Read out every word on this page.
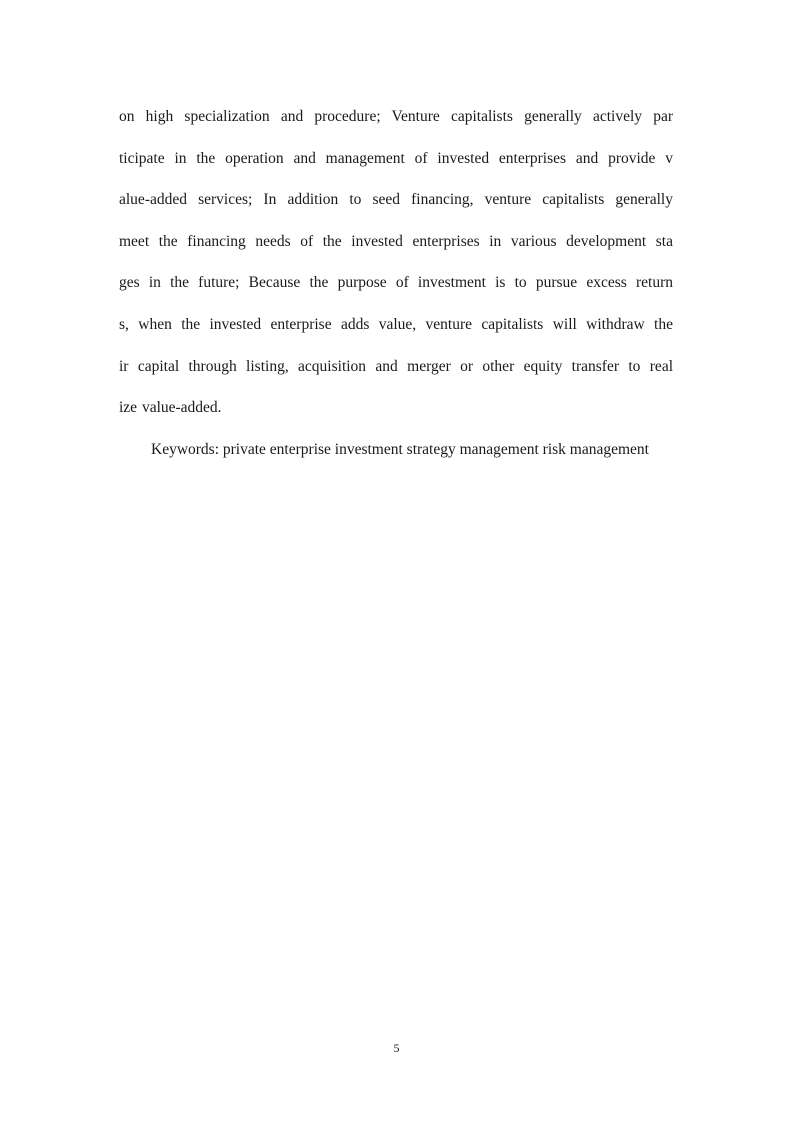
on high specialization and procedure; Venture capitalists generally actively par
ticipate in the operation and management of invested enterprises and provide v
alue-added services; In addition to seed financing, venture capitalists generally
meet the financing needs of the invested enterprises in various development sta
ges in the future; Because the purpose of investment is to pursue excess return
s, when the invested enterprise adds value, venture capitalists will withdraw the
ir capital through listing, acquisition and merger or other equity transfer to real
ize value-added.
Keywords: private enterprise investment strategy management risk management
5
